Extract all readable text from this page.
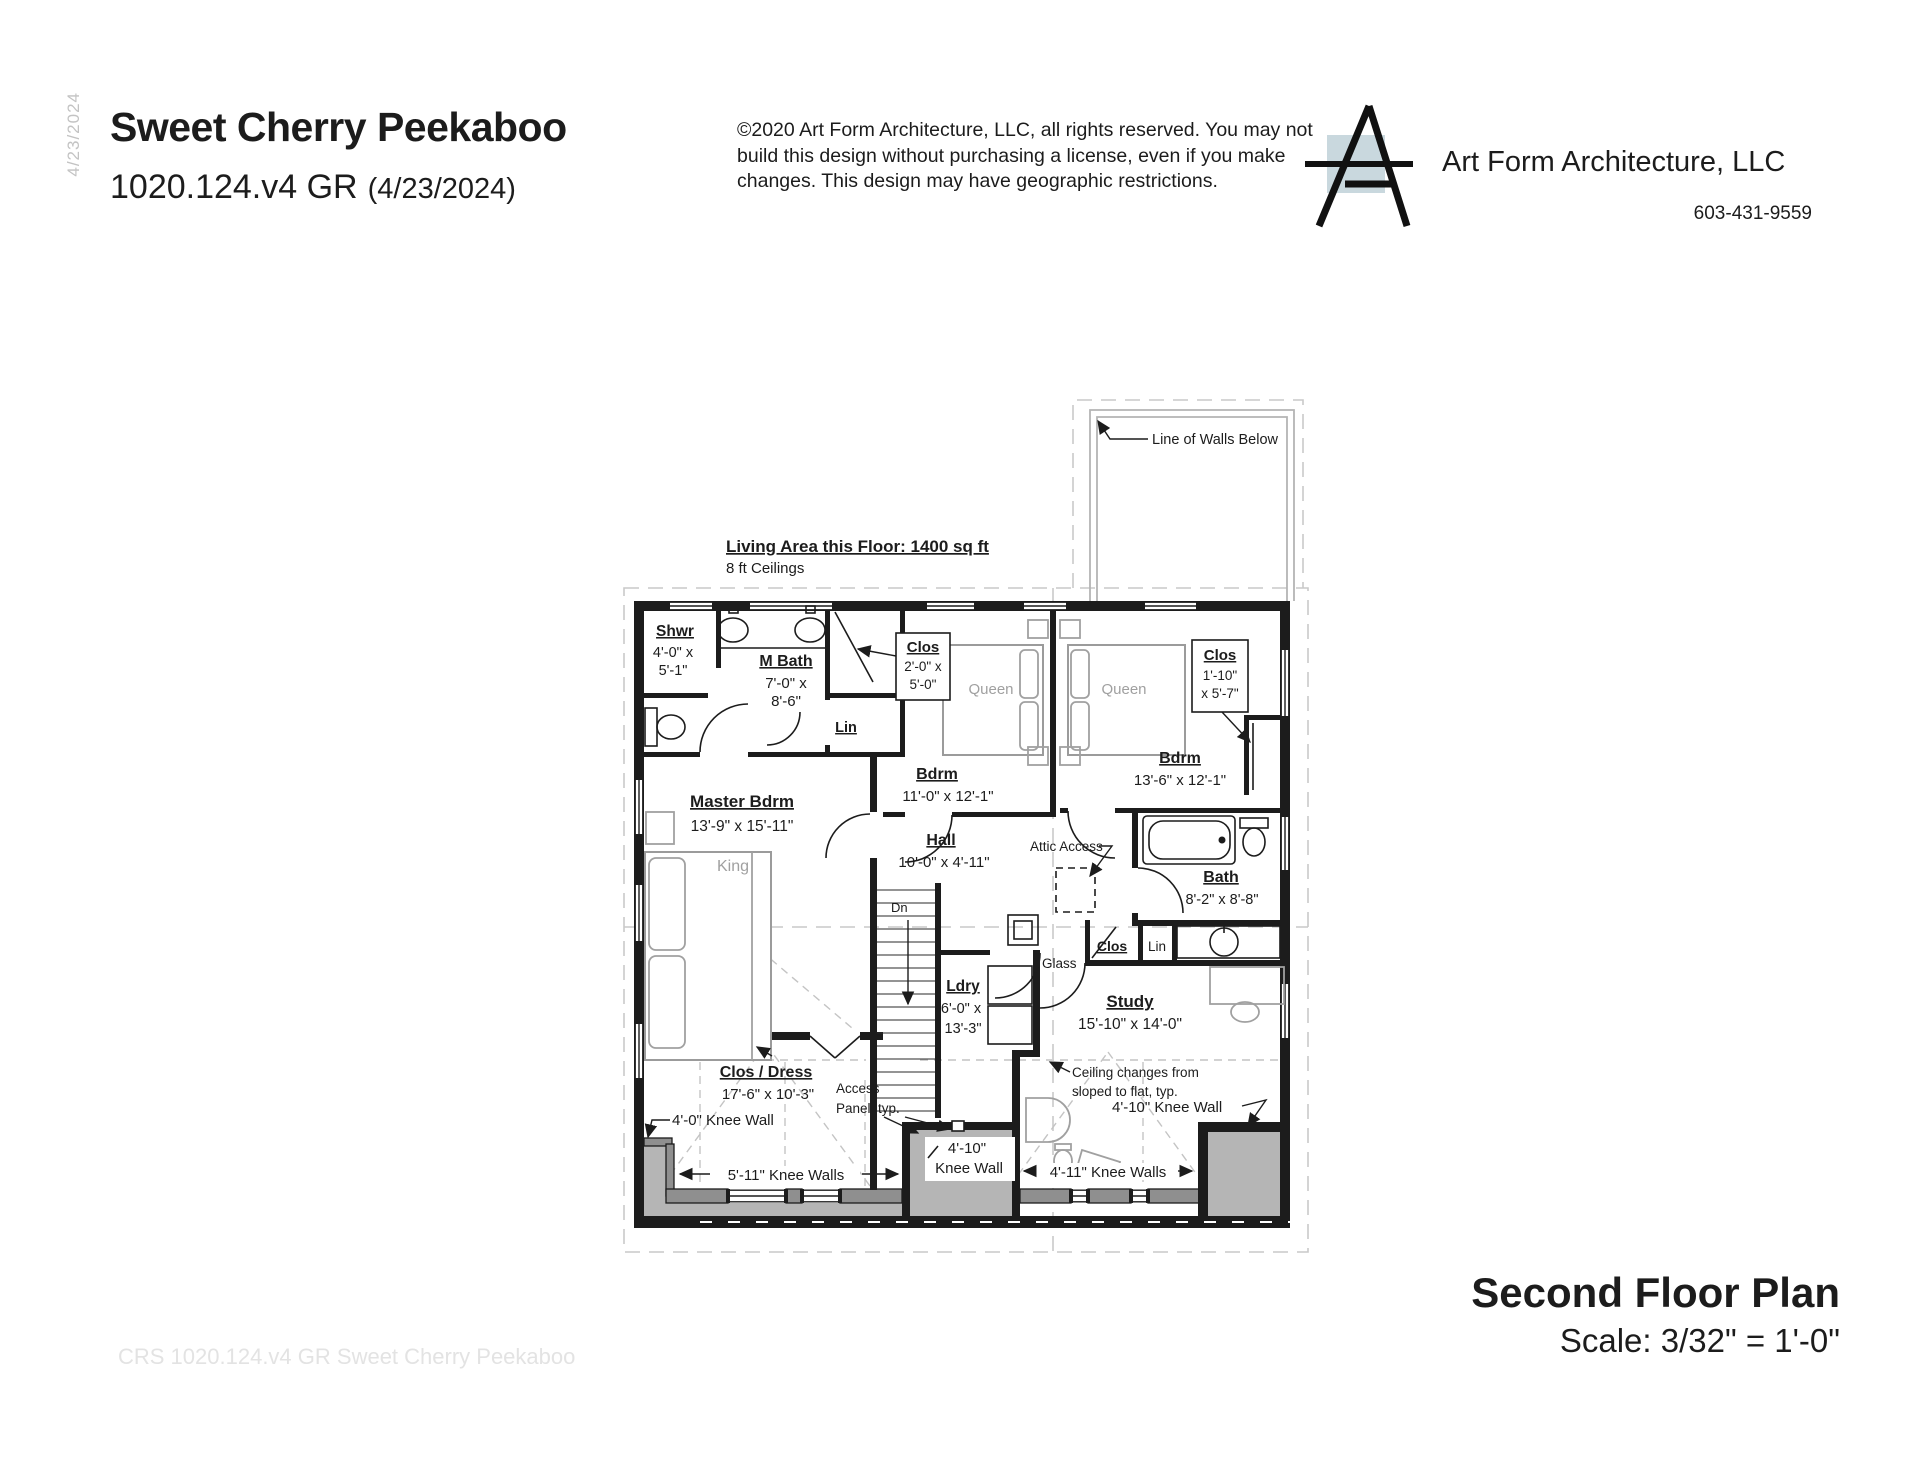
4/23/2024 Sweet Cherry Peekaboo
1020.124.v4 GR (4/23/2024)
©2020 Art Form Architecture, LLC, all rights reserved. You may not build this design without purchasing a license, even if you make changes. This design may have geographic restrictions.
Art Form Architecture, LLC
603-431-9559
Living Area this Floor: 1400 sq ft
8 ft Ceilings
Line of Walls Below
Shwr
4'-0" x
5'-1"
M Bath
7'-0" x
8'-6"
Lin
Clos
2'-0" x
5'-0"
Bdrm
11'-0" x 12'-1"
Bdrm
13'-6" x 12'-1"
Clos
1'-10"
x 5'-7"
Master Bdrm
13'-9" x 15'-11"
Hall
10'-0" x 4'-11"
Attic Access
Bath
8'-2" x 8'-8"
Clos Lin
Glass
Ldry
6'-0" x
13'-3"
Study
15'-10" x 14'-0"
Clos / Dress
17'-6" x 10'-3" Access
Panel, typ.
Ceiling changes from
sloped to flat, typ.
4'-0" Knee Wall
5'-11" Knee Walls
4'-10"
Knee Wall	4'-11" Knee Walls
4'-10" Knee Wall
Dn
King
Queen	Queen
CRS 1020.124.v4 GR Sweet Cherry Peekaboo
Second Floor Plan
Scale: 3/32" = 1'-0"
